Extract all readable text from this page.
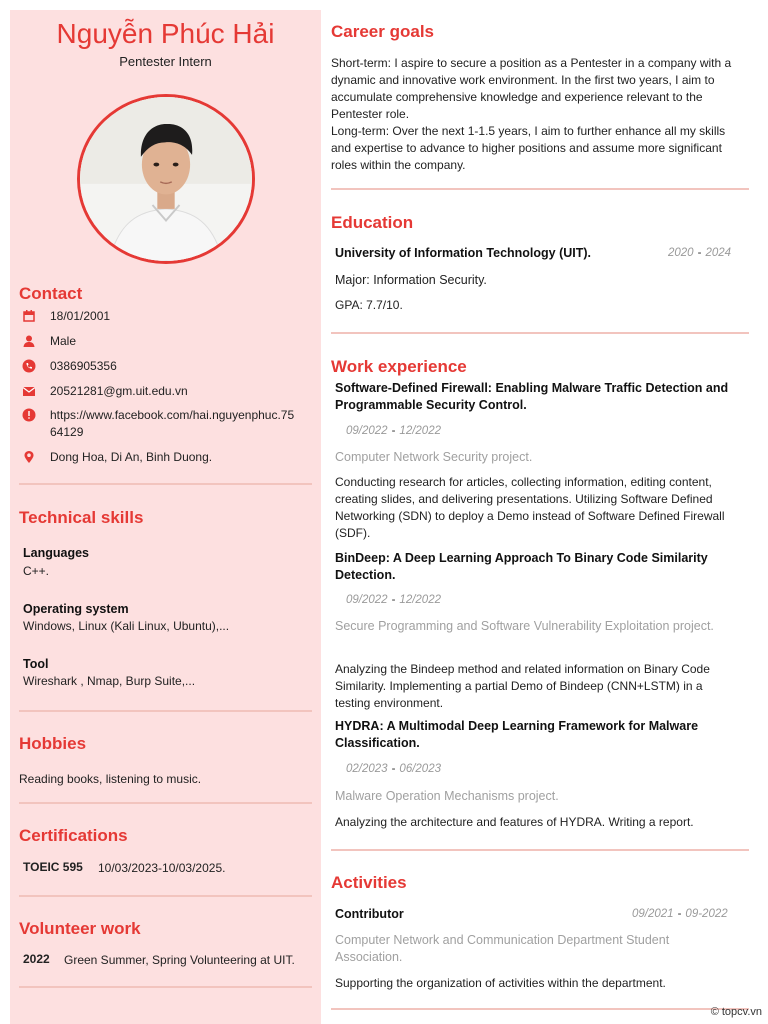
Nguyễn Phúc Hải
Pentester Intern
Contact
18/01/2001
Male
0386905356
20521281@gm.uit.edu.vn
https://www.facebook.com/hai.nguyenphuc.75
64129
Dong Hoa, Di An, Binh Duong.
Technical skills
Languages
C++.
Operating system
Windows, Linux (Kali Linux, Ubuntu),...
Tool
Wireshark , Nmap, Burp Suite,...
Hobbies
Reading books, listening to music.
Certifications
TOEIC 595 10/03/2023-10/03/2025.
Volunteer work
2022 Green Summer, Spring Volunteering at UIT.
Career goals
Short-term: I aspire to secure a position as a Pentester in a company with a dynamic and innovative work environment. In the first two years, I aim to accumulate comprehensive knowledge and experience relevant to the Pentester role.
Long-term: Over the next 1-1.5 years, I aim to further enhance all my skills and expertise to advance to higher positions and assume more significant roles within the company.
Education
University of Information Technology (UIT).	2020 - 2024
Major: Information Security.
GPA: 7.7/10.
Work experience
Software-Defined Firewall: Enabling Malware Traffic Detection and Programmable Security Control.
09/2022 - 12/2022
Computer Network Security project.
Conducting research for articles, collecting information, editing content, creating slides, and delivering presentations. Utilizing Software Defined Networking (SDN) to deploy a Demo instead of Software Defined Firewall (SDF).
BinDeep: A Deep Learning Approach To Binary Code Similarity Detection.
09/2022 - 12/2022
Secure Programming and Software Vulnerability Exploitation project.
Analyzing the Bindeep method and related information on Binary Code Similarity. Implementing a partial Demo of Bindeep (CNN+LSTM) in a testing environment.
HYDRA: A Multimodal Deep Learning Framework for Malware Classification.
02/2023 - 06/2023
Malware Operation Mechanisms project.
Analyzing the architecture and features of HYDRA. Writing a report.
Activities
Contributor	09/2021 - 09-2022
Computer Network and Communication Department Student Association.
Supporting the organization of activities within the department.
© topcv.vn
